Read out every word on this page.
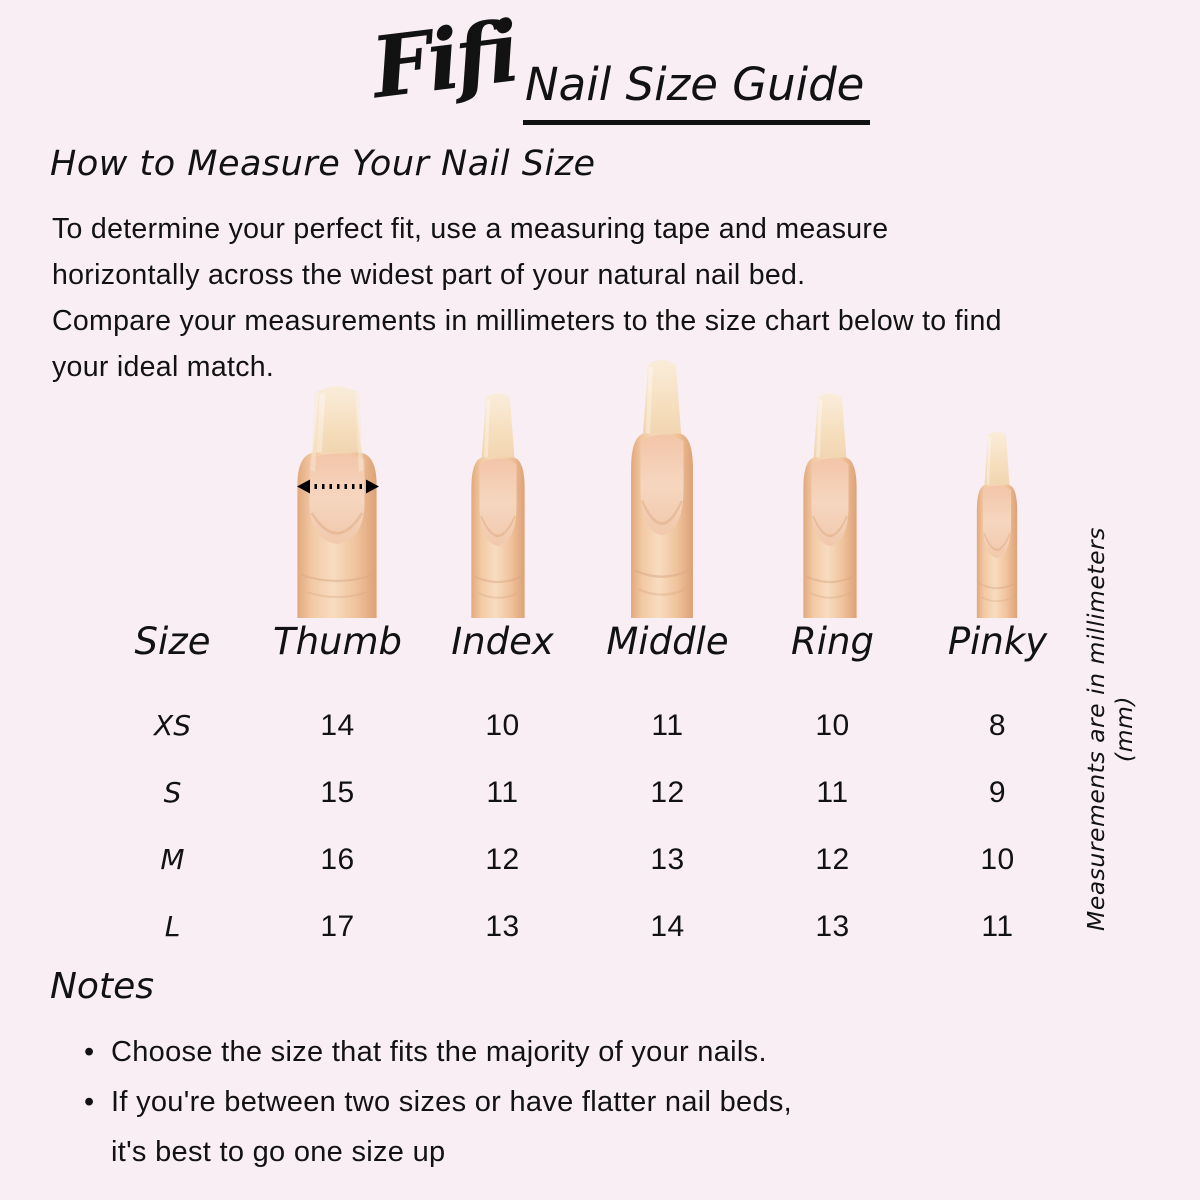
Fifi Nail Size Guide
How to Measure Your Nail Size
To determine your perfect fit, use a measuring tape and measure
horizontally across the widest part of your natural nail bed.
Compare your measurements in millimeters to the size chart below to find
your ideal match.
Size	Thumb	Index	Middle	Ring	Pinky
XS	14	10	11	10	8
S	15	11	12	11	9
M	16	12	13	12	10
L	17	13	14	13	11	Measurements are in millimeters (mm)
Notes
• Choose the size that fits the majority of your nails.
• If you're between two sizes or have flatter nail beds,
it's best to go one size up
